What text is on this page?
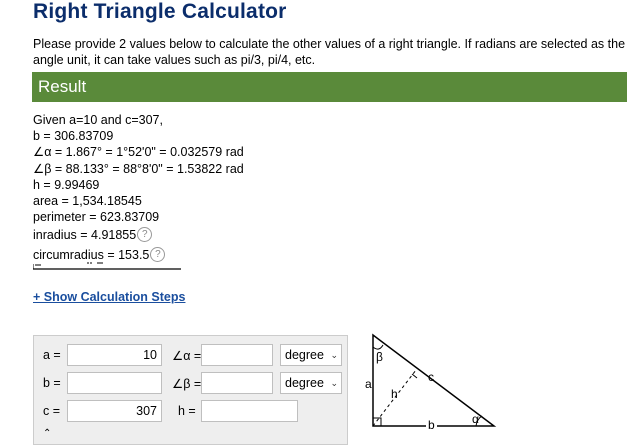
Right Triangle Calculator
Please provide 2 values below to calculate the other values of a right triangle. If radians are selected as the angle unit, it can take values such as pi/3, pi/4, etc.
Result
Given a=10 and c=307,
b = 306.83709
∠α = 1.867° = 1°52'0" = 0.032579 rad
∠β = 88.133° = 88°8'0" = 1.53822 rad
h = 9.99469
area = 1,534.18545
perimeter = 623.83709
inradius = 4.91855 ?
circumradius = 153.5 ?
+ Show Calculation Steps
a =	10	∠α =	degree ⌄
b =	∠β =	degree ⌄
c =	307	h =
⌃
β
a
h
c
b	α
